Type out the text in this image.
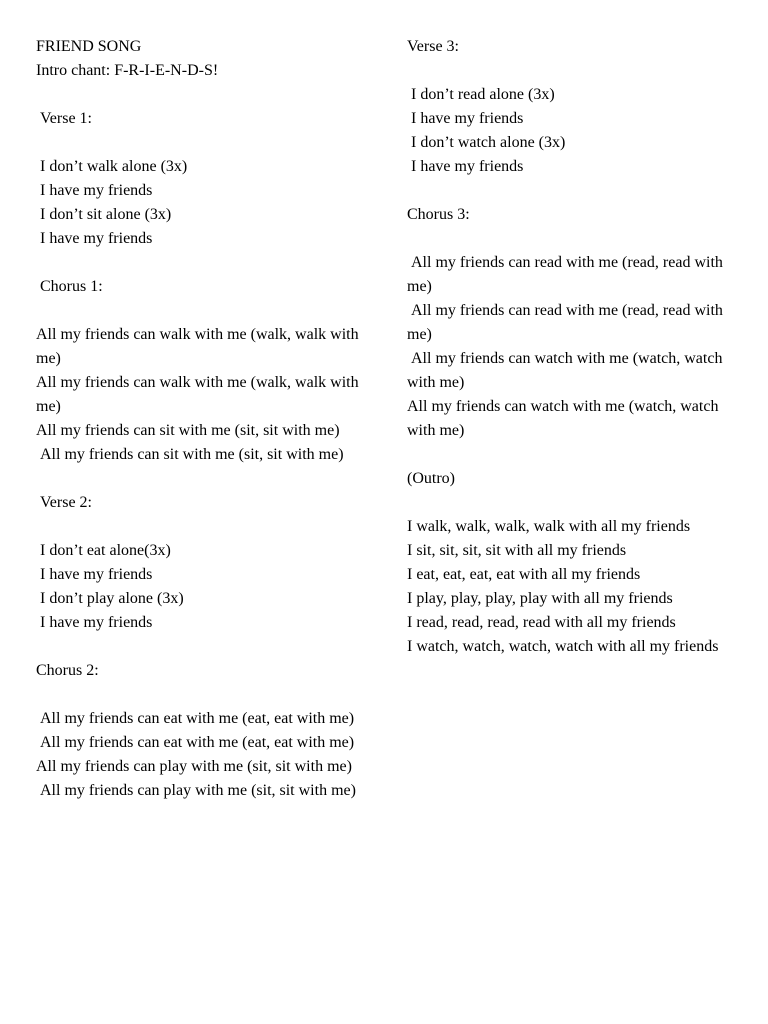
FRIEND SONG
Intro chant: F-R-I-E-N-D-S!
Verse 1:
I don’t walk alone (3x)
I have my friends
I don’t sit alone (3x)
I have my friends
Chorus 1:
All my friends can walk with me (walk, walk with me)
All my friends can walk with me (walk, walk with me)
All my friends can sit with me (sit, sit with me)
All my friends can sit with me (sit, sit with me)
Verse 2:
I don’t eat alone(3x)
I have my friends
I don’t play alone (3x)
I have my friends
Chorus 2:
All my friends can eat with me (eat, eat with me)
All my friends can eat with me (eat, eat with me)
All my friends can play with me (sit, sit with me)
All my friends can play with me (sit, sit with me)
Verse 3:
I don’t read alone (3x)
I have my friends
I don’t watch alone (3x)
I have my friends
Chorus 3:
All my friends can read with me (read, read with me)
All my friends can read with me (read, read with me)
All my friends can watch with me (watch, watch with me)
All my friends can watch with me (watch, watch with me)
(Outro)
I walk, walk, walk, walk with all my friends
I sit, sit, sit, sit with all my friends
I eat, eat, eat, eat with all my friends
I play, play, play, play with all my friends
I read, read, read, read with all my friends
I watch, watch, watch, watch with all my friends
